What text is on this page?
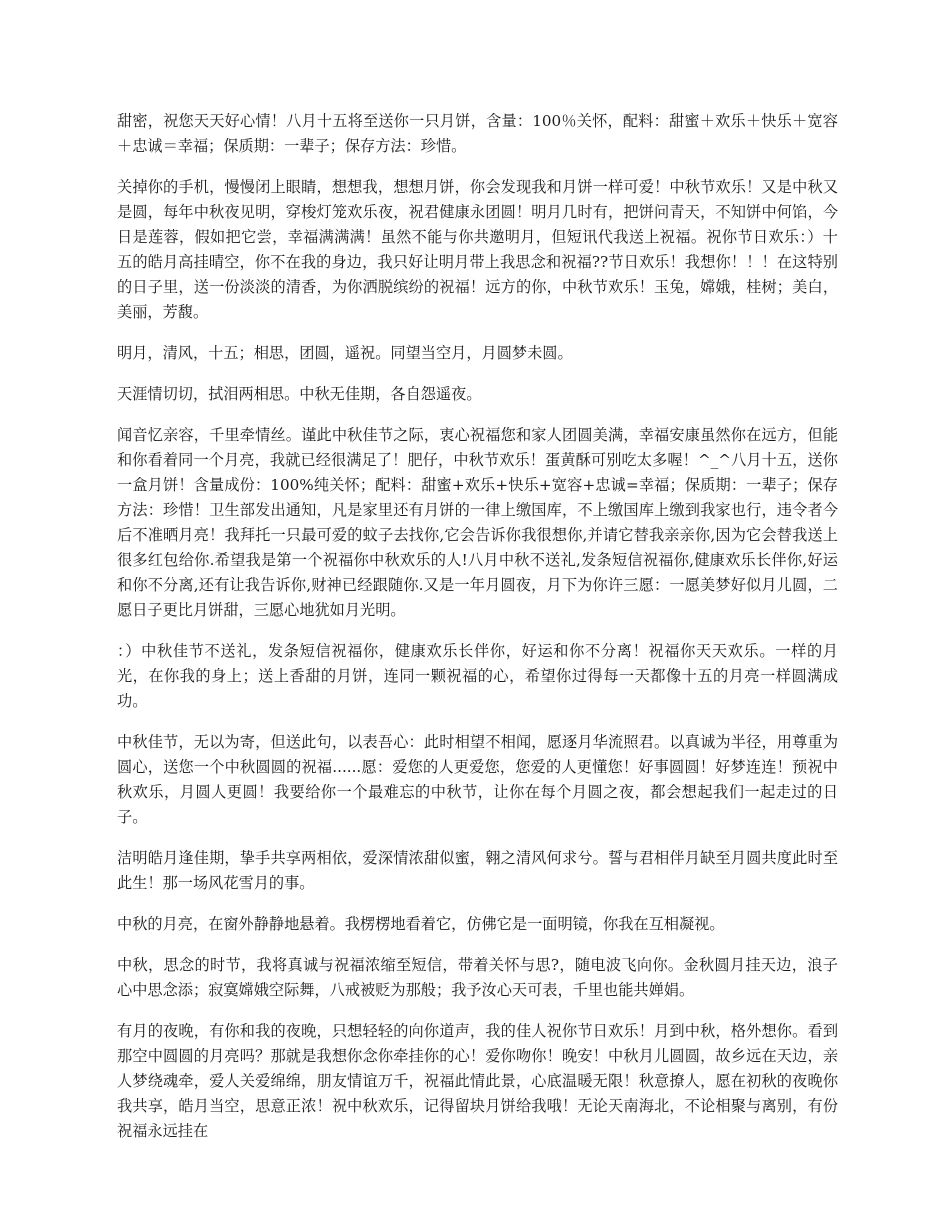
甜密，祝您天天好心情！八月十五将至送你一只月饼，含量：100％关怀，配料：甜蜜＋欢乐＋快乐＋宽容＋忠诚＝幸福；保质期：一辈子；保存方法：珍惜。

关掉你的手机，慢慢闭上眼睛，想想我，想想月饼，你会发现我和月饼一样可爱！中秋节欢乐！又是中秋又是圆，每年中秋夜见明，穿梭灯笼欢乐夜，祝君健康永团圆！明月几时有，把饼问青天，不知饼中何馅，今日是莲蓉，假如把它尝，幸福满满满！虽然不能与你共邀明月，但短讯代我送上祝福。祝你节日欢乐：）十五的皓月高挂晴空，你不在我的身边，我只好让明月带上我思念和祝福??节日欢乐！我想你！！！在这特别的日子里，送一份淡淡的清香，为你洒脱缤纷的祝福！远方的你，中秋节欢乐！玉兔，嫦娥，桂树；美白，美丽，芳馥。

明月，清风，十五；相思，团圆，遥祝。同望当空月，月圆梦未圆。

天涯情切切，拭泪两相思。中秋无佳期，各自怨遥夜。

闻音忆亲容，千里牵情丝。谨此中秋佳节之际，衷心祝福您和家人团圆美满，幸福安康虽然你在远方，但能和你看着同一个月亮，我就已经很满足了！肥仔，中秋节欢乐！蛋黄酥可别吃太多喔！^_^八月十五，送你一盒月饼！含量成份：100%纯关怀；配料：甜蜜+欢乐+快乐+宽容+忠诚=幸福；保质期：一辈子；保存方法：珍惜！卫生部发出通知，凡是家里还有月饼的一律上缴国库，不上缴国库上缴到我家也行，违令者今后不准晒月亮！我拜托一只最可爱的蚊子去找你,它会告诉你我很想你,并请它替我亲亲你,因为它会替我送上很多红包给你.希望我是第一个祝福你中秋欢乐的人!八月中秋不送礼,发条短信祝福你,健康欢乐长伴你,好运和你不分离,还有让我告诉你,财神已经跟随你.又是一年月圆夜，月下为你许三愿：一愿美梦好似月儿圆，二愿日子更比月饼甜，三愿心地犹如月光明。

：）中秋佳节不送礼，发条短信祝福你，健康欢乐长伴你，好运和你不分离！祝福你天天欢乐。一样的月光，在你我的身上；送上香甜的月饼，连同一颗祝福的心，希望你过得每一天都像十五的月亮一样圆满成功。

中秋佳节，无以为寄，但送此句，以表吾心：此时相望不相闻，愿逐月华流照君。以真诚为半径，用尊重为圆心，送您一个中秋圆圆的祝福......愿：爱您的人更爱您，您爱的人更懂您！好事圆圆！好梦连连！预祝中秋欢乐，月圆人更圆！我要给你一个最难忘的中秋节，让你在每个月圆之夜，都会想起我们一起走过的日子。

洁明皓月逢佳期，挚手共享两相依，爱深情浓甜似蜜，翱之清风何求兮。誓与君相伴月缺至月圆共度此时至此生！那一场风花雪月的事。

中秋的月亮，在窗外静静地悬着。我楞楞地看着它，仿佛它是一面明镜，你我在互相凝视。

中秋，思念的时节，我将真诚与祝福浓缩至短信，带着关怀与思?，随电波飞向你。金秋圆月挂天边，浪子心中思念添；寂寞嫦娥空际舞，八戒被贬为那般；我予汝心天可表，千里也能共婵娟。

有月的夜晚，有你和我的夜晚，只想轻轻的向你道声，我的佳人祝你节日欢乐！月到中秋，格外想你。看到那空中圆圆的月亮吗？那就是我想你念你牵挂你的心！爱你吻你！晚安！中秋月儿圆圆，故乡远在天边，亲人梦绕魂牵，爱人关爱绵绵，朋友情谊万千，祝福此情此景，心底温暖无限！秋意撩人，愿在初秋的夜晚你我共享，皓月当空，思意正浓！祝中秋欢乐，记得留块月饼给我哦！无论天南海北，不论相聚与离别，有份祝福永远挂在
